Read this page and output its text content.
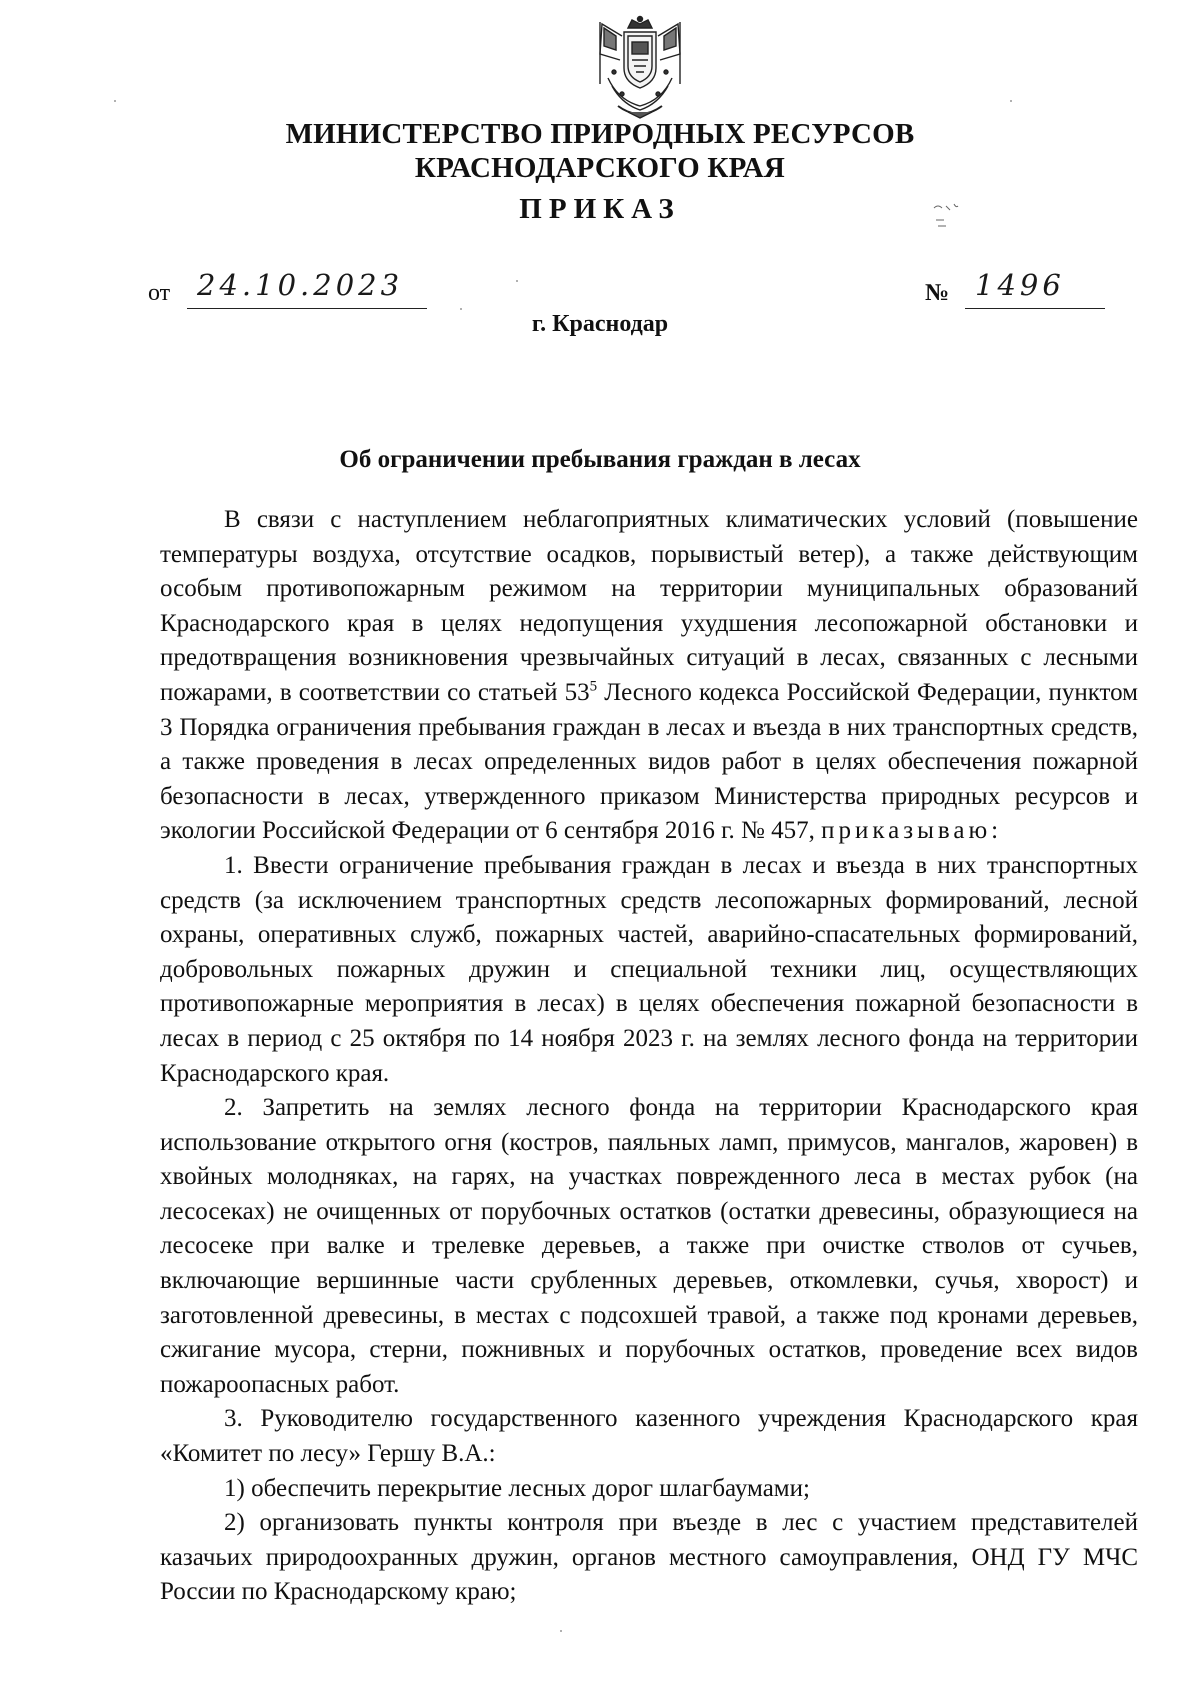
МИНИСТЕРСТВО ПРИРОДНЫХ РЕСУРСОВ
КРАСНОДАРСКОГО КРАЯ
ПРИКАЗ
от 24.10.2023	№ 1496
г. Краснодар
Об ограничении пребывания граждан в лесах

В связи с наступлением неблагоприятных климатических условий (повышение температуры воздуха, отсутствие осадков, порывистый ветер), а также действующим особым противопожарным режимом на территории муниципальных образований Краснодарского края в целях недопущения ухудшения лесопожарной обстановки и предотвращения возникновения чрезвычайных ситуаций в лесах, связанных с лесными пожарами, в соответствии со статьей $53^5$ Лесного кодекса Российской Федерации, пунктом 3 Порядка ограничения пребывания граждан в лесах и въезда в них транспортных средств, а также проведения в лесах определенных видов работ в целях обеспечения пожарной безопасности в лесах, утвержденного приказом Министерства природных ресурсов и экологии Российской Федерации от 6 сентября 2016 г. № 457, приказываю:

1. Ввести ограничение пребывания граждан в лесах и въезда в них транспортных средств (за исключением транспортных средств лесопожарных формирований, лесной охраны, оперативных служб, пожарных частей, аварийно-спасательных формирований, добровольных пожарных дружин и специальной техники лиц, осуществляющих противопожарные мероприятия в лесах) в целях обеспечения пожарной безопасности в лесах в период с 25 октября по 14 ноября 2023 г. на землях лесного фонда на территории Краснодарского края.

2. Запретить на землях лесного фонда на территории Краснодарского края использование открытого огня (костров, паяльных ламп, примусов, мангалов, жаровен) в хвойных молодняках, на гарях, на участках поврежденного леса в местах рубок (на лесосеках) не очищенных от порубочных остатков (остатки древесины, образующиеся на лесосеке при валке и трелевке деревьев, а также при очистке стволов от сучьев, включающие вершинные части срубленных деревьев, откомлевки, сучья, хворост) и заготовленной древесины, в местах с подсохшей травой, а также под кронами деревьев, сжигание мусора, стерни, пожнивных и порубочных остатков, проведение всех видов пожароопасных работ.

3. Руководителю государственного казенного учреждения Краснодарского края «Комитет по лесу» Гершу В.А.:

1) обеспечить перекрытие лесных дорог шлагбаумами;

2) организовать пункты контроля при въезде в лес с участием представителей казачьих природоохранных дружин, органов местного самоуправления, ОНД ГУ МЧС России по Краснодарскому краю;
